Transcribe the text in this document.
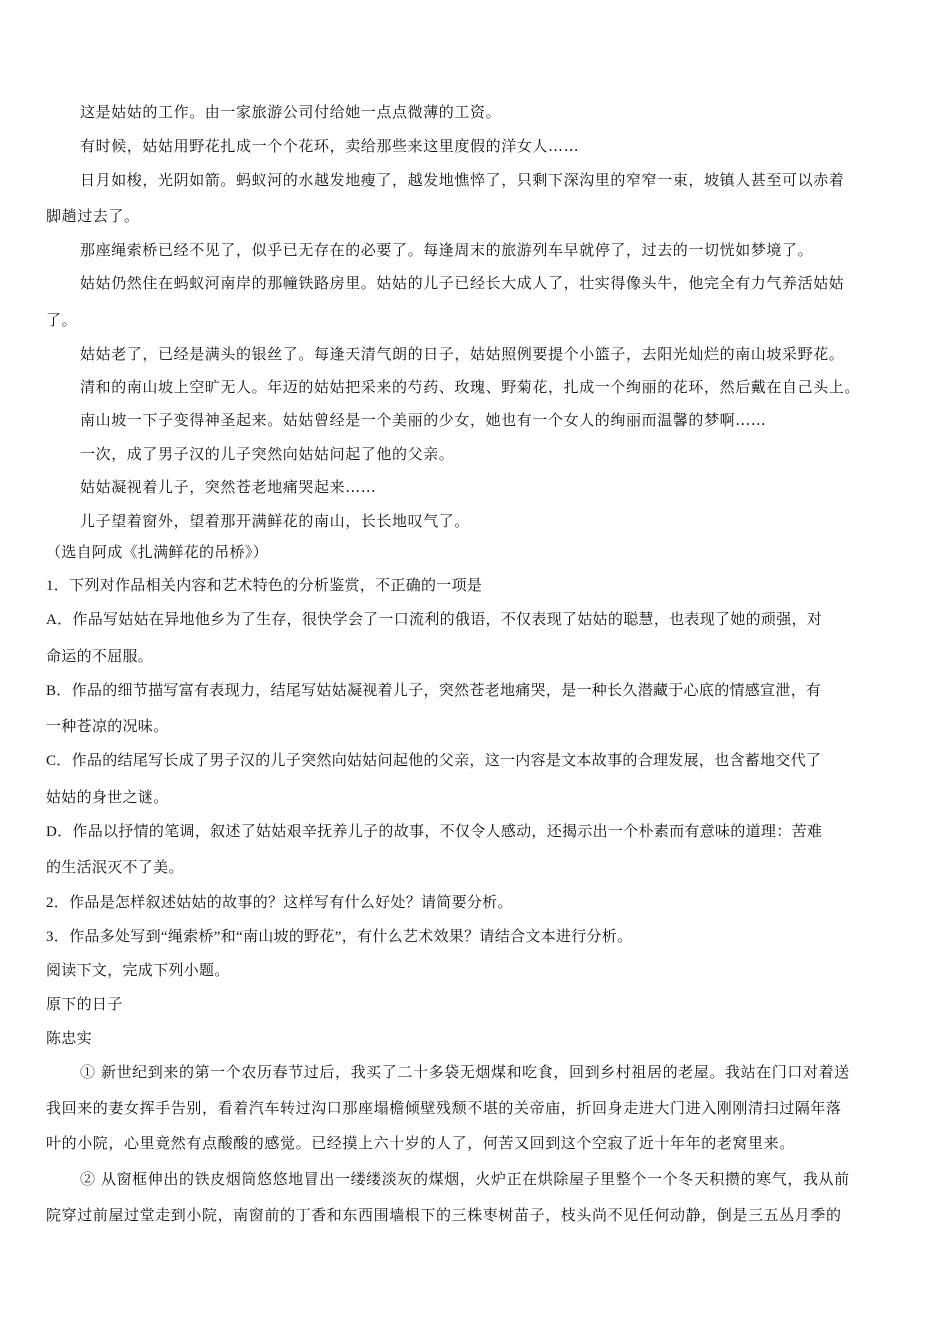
这是姑姑的工作。由一家旅游公司付给她一点点微薄的工资。
有时候，姑姑用野花扎成一个个花环，卖给那些来这里度假的洋女人……
日月如梭，光阴如箭。蚂蚁河的水越发地瘦了，越发地憔悴了，只剩下深沟里的窄窄一束，坡镇人甚至可以赤着
脚趟过去了。
那座绳索桥已经不见了，似乎已无存在的必要了。每逢周末的旅游列车早就停了，过去的一切恍如梦境了。
姑姑仍然住在蚂蚁河南岸的那幢铁路房里。姑姑的儿子已经长大成人了，壮实得像头牛，他完全有力气养活姑姑
了。
姑姑老了，已经是满头的银丝了。每逢天清气朗的日子，姑姑照例要提个小篮子，去阳光灿烂的南山坡采野花。
清和的南山坡上空旷无人。年迈的姑姑把采来的芍药、玫瑰、野菊花，扎成一个绚丽的花环，然后戴在自己头上。
南山坡一下子变得神圣起来。姑姑曾经是一个美丽的少女，她也有一个女人的绚丽而温馨的梦啊……
一次，成了男子汉的儿子突然向姑姑问起了他的父亲。
姑姑凝视着儿子，突然苍老地痛哭起来……
儿子望着窗外，望着那开满鲜花的南山，长长地叹气了。
（选自阿成《扎满鲜花的吊桥》）
1．下列对作品相关内容和艺术特色的分析鉴赏，不正确的一项是
A．作品写姑姑在异地他乡为了生存，很快学会了一口流利的俄语，不仅表现了姑姑的聪慧，也表现了她的顽强，对
命运的不屈服。
B．作品的细节描写富有表现力，结尾写姑姑凝视着儿子，突然苍老地痛哭，是一种长久潜藏于心底的情感宣泄，有
一种苍凉的况味。
C．作品的结尾写长成了男子汉的儿子突然向姑姑问起他的父亲，这一内容是文本故事的合理发展，也含蓄地交代了
姑姑的身世之谜。
D．作品以抒情的笔调，叙述了姑姑艰辛抚养儿子的故事，不仅令人感动，还揭示出一个朴素而有意味的道理：苦难
的生活泯灭不了美。
2．作品是怎样叙述姑姑的故事的？这样写有什么好处？请简要分析。
3．作品多处写到“绳索桥”和“南山坡的野花”，有什么艺术效果？请结合文本进行分析。
阅读下文，完成下列小题。
原下的日子
陈忠实
① 新世纪到来的第一个农历春节过后，我买了二十多袋无烟煤和吃食，回到乡村祖居的老屋。我站在门口对着送
我回来的妻女挥手告别，看着汽车转过沟口那座塌檐倾壁残颓不堪的关帝庙，折回身走进大门进入刚刚清扫过隔年落
叶的小院，心里竟然有点酸酸的感觉。已经摸上六十岁的人了，何苦又回到这个空寂了近十年年的老窝里来。
② 从窗框伸出的铁皮烟筒悠悠地冒出一缕缕淡灰的煤烟，火炉正在烘除屋子里整个一个冬天积攒的寒气，我从前
院穿过前屋过堂走到小院，南窗前的丁香和东西围墙根下的三株枣树苗子，枝头尚不见任何动静，倒是三五丛月季的
